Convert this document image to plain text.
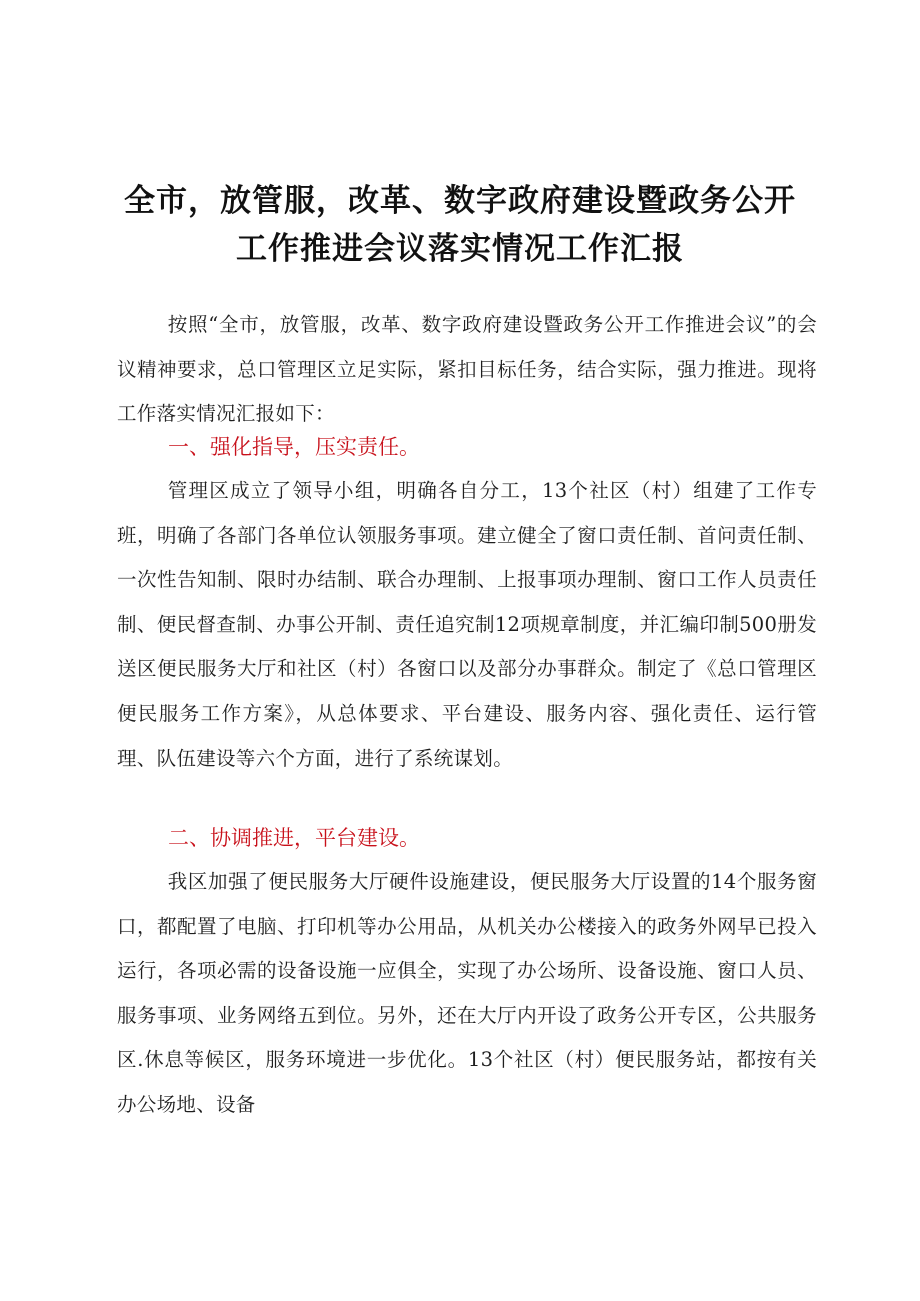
全市，放管服，改革、数字政府建设暨政务公开
工作推进会议落实情况工作汇报

按照“全市，放管服，改革、数字政府建设暨政务公开工作推进会议”的会议精神要求，总口管理区立足实际，紧扣目标任务，结合实际，强力推进。现将工作落实情况汇报如下：

一、强化指导，压实责任。

管理区成立了领导小组，明确各自分工，13个社区（村）组建了工作专班，明确了各部门各单位认领服务事项。建立健全了窗口责任制、首问责任制、一次性告知制、限时办结制、联合办理制、上报事项办理制、窗口工作人员责任制、便民督查制、办事公开制、责任追究制12项规章制度，并汇编印制500册发送区便民服务大厅和社区（村）各窗口以及部分办事群众。制定了《总口管理区便民服务工作方案》，从总体要求、平台建设、服务内容、强化责任、运行管理、队伍建设等六个方面，进行了系统谋划。

二、协调推进，平台建设。

我区加强了便民服务大厅硬件设施建设，便民服务大厅设置的14个服务窗口，都配置了电脑、打印机等办公用品，从机关办公楼接入的政务外网早已投入运行，各项必需的设备设施一应俱全，实现了办公场所、设备设施、窗口人员、服务事项、业务网络五到位。另外，还在大厅内开设了政务公开专区，公共服务区.休息等候区，服务环境进一步优化。13个社区（村）便民服务站，都按有关办公场地、设备
